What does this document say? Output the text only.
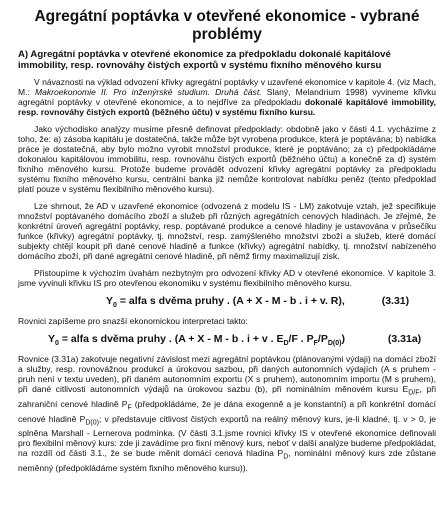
Agregátní poptávka v otevřené ekonomice - vybrané problémy
A) Agregátní poptávka v otevřené ekonomice za předpokladu dokonalé kapitálové immobility, resp. rovnováhy čistých exportů v systému fixního měnového kursu

V návaznosti na výklad odvození křivky agregátní poptávky v uzavřené ekonomice v kapitole 4. (viz Mach, M.: Makroekonomie II. Pro inženýrské studium. Druhá část. Slaný, Melandrium 1998) vyvineme křivku agregátní poptávky v otevřené ekonomice, a to nejdříve za předpokladu dokonalé kapitálové immobility, resp. rovnováhy čistých exportů (běžného účtu) v systému fixního kursu.

Jako východisko analýzy musíme přesně definovat předpoklady: obdobně jako v části 4.1. vycházíme z toho, že: a) zásoba kapitálu je dostatečná, takže může být vyrobena produkce, která je poptávána; b) nabídka práce je dostatečná, aby bylo možno vyrobit množství produkce, které je poptáváno; za c) předpokládáme dokonalou kapitálovou immobilitu, resp. rovnováhu čistých exportů (běžného účtu) a konečně za d) systém fixního měnového kursu. Protože budeme provádět odvození křivky agregátní poptávky za předpokladu systému fixního měnového kursu, centrální banka již nemůže kontrolovat nabídku peněz (tento předpoklad platí pouze v systému flexibilního měnového kursu).

Lze shrnout, že AD v uzavřené ekonomice (odvozená z modelu IS - LM) zakotvuje vztah, jež specifikuje množství poptávaného domácího zboží a služeb při různých agregátních cenových hladinách. Je zřejmé, že konkrétní úroveň agregátní poptávky, resp. poptávané produkce a cenové hladiny je ustavována v průsečíku funkce (křivky) agregátní poptávky, tj. množství, resp. zamýšleného množství zboží a služeb, které domácí subjekty chtějí koupit při dané cenové hladině a funkce (křivky) agregátní nabídky, tj. množství nabízeného domácího zboží, při dané agregátní cenové hladině, při němž firmy maximalizují zisk.

Přistoupíme k výchozím úvahám nezbytným pro odvození křivky AD v otevřené ekonomice. V kapitole 3. jsme vyvinuli křivku IS pro otevřenou ekonomiku v systému flexibilního měnového kursu.

$Y_0$ = alfa s dvěma pruhy . (A + X - M - b . i + v. R),	(3.31)

Rovnici zapíšeme pro snazší ekonomickou interpretaci takto:

$Y_0$ = alfa s dvěma pruhy . (A + X - M - b . i + v . $E_D/F$ . $P_F/P_{D(0)}$)	(3.31a)

Rovnice (3.31a) zakotvuje negativní závislost mezi agregátní poptávkou (plánovanými výdaji) na domácí zboží a služby, resp. rovnovážnou produkcí a úrokovou sazbou, při daných autonomních výdajích (A s pruhem - pruh není v textu uveden), při daném autonomním exportu (X s pruhem), autonomním importu (M s pruhem), při dané citlivosti autonomních výdajů na úrokovou sazbu (b), při nominálním měnovém kursu $E_{D/F}$, při zahraniční cenové hladině $P_F$ (předpokládáme, že je dána exogenně a je konstantní) a při konkrétní domácí cenové hladině $P_{D(0)}$; v představuje citlivost čistých exportů na reálný měnový kurs, je-li kladné, tj. v > 0, je splněna Marshall - Lernerova podmínka. (V části 3.1.jsme rovnici křivky IS v otevřené ekonomice definovali pro flexibilní měnový kurs: zde ji zavádíme pro fixní měnový kurs, neboť v další analýze budeme předpokládat, na rozdíl od části 3.1., že se bude měnit domácí cenová hladina $P_D$, nominální měnový kurs zde zůstane neměnný (předpokládáme systém fixního měnového kursu)).
